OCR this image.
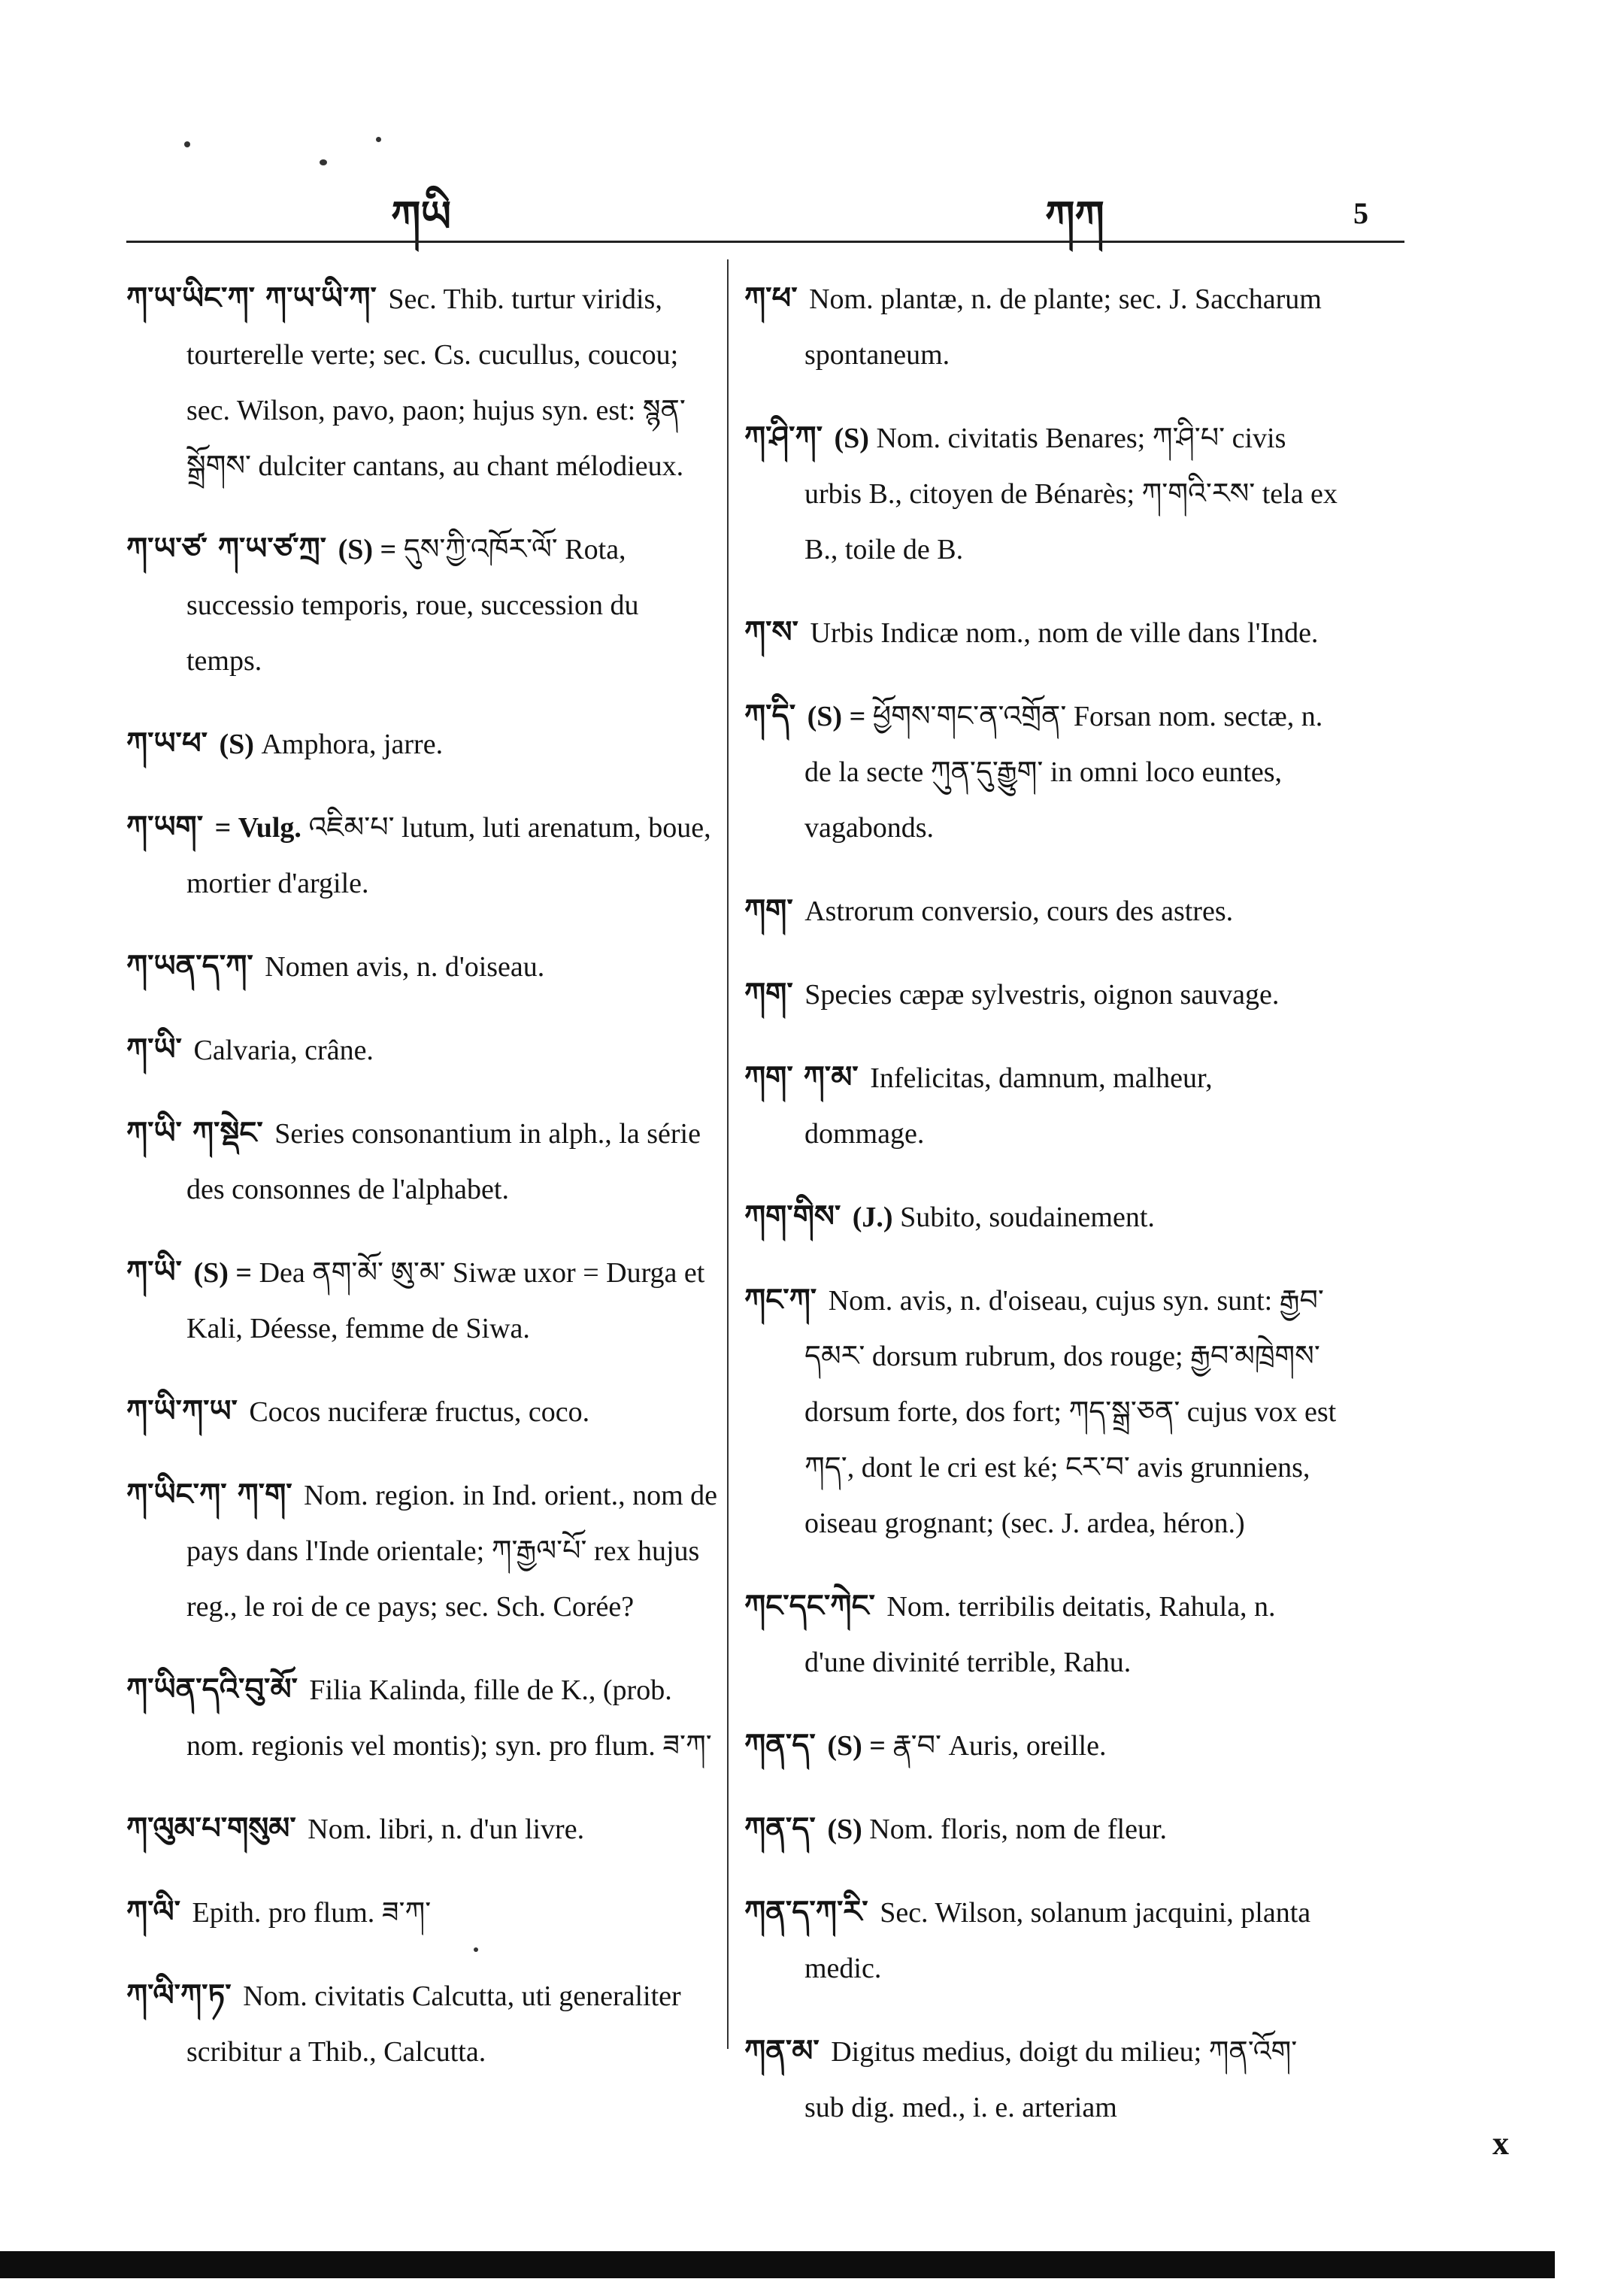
ཀཡི	ཀཀ	5

ཀ་ཡ་ཡིང་ཀ་ ཀ་ཡ་ཡི་ཀ་ Sec. Thib. turtur viridis, tourterelle verte; sec. Cs. cucullus, coucou; sec. Wilson, pavo, paon; hujus syn. est: སྙན་སྒྲོགས་ dulciter cantans, au chant mélodieux.

ཀ་ཡ་ཙ་ ཀ་ཡ་ཙ་ཀྲ་ (S) = དུས་ཀྱི་འཁོར་ལོ་ Rota, successio temporis, roue, succession du temps.

ཀ་ཡ་ཕ་ (S) Amphora, jarre.

ཀ་ཡག་ = Vulg. འཇིམ་པ་ lutum, luti arenatum, boue, mortier d'argile.

ཀ་ཡན་ད་ཀ་ Nomen avis, n. d'oiseau.

ཀ་ཡི་ Calvaria, crâne.

ཀ་ཡི་ ཀ་སྡེང་ Series consonantium in alph., la série des consonnes de l'alphabet.

ཀ་ཡི་ (S) = Dea ནག་མོ་ ཨུ་མ་ Siwæ uxor = Durga et Kali, Déesse, femme de Siwa.

ཀ་ཡི་ཀ་ཡ་ Cocos nuciferæ fructus, coco.

ཀ་ཡིང་ཀ་ ཀ་ག་ Nom. region. in Ind. orient., nom de pays dans l'Inde orientale; ཀ་རྒྱལ་པོ་ rex hujus reg., le roi de ce pays; sec. Sch. Corée?

ཀ་ཡིན་དའི་བུ་མོ་ Filia Kalinda, fille de K., (prob. nom. regionis vel montis); syn. pro flum. ཟ་ཀ་

ཀ་ལུམ་པ་གསུམ་ Nom. libri, n. d'un livre.

ཀ་ལི་ Epith. pro flum. ཟ་ཀ་

ཀ་ལི་ཀ་ཏ་ Nom. civitatis Calcutta, uti generaliter scribitur a Thib., Calcutta.

ཀ་ཕ་ Nom. plantæ, n. de plante; sec. J. Saccharum spontaneum.

ཀ་ཤི་ཀ་ (S) Nom. civitatis Benares; ཀ་ཤི་པ་ civis urbis B., citoyen de Bénarès; ཀ་གའི་རས་ tela ex B., toile de B.

ཀ་ས་ Urbis Indicæ nom., nom de ville dans l'Inde.

ཀ་དི་ (S) = ཕྱོགས་གང་ན་འགྲོན་ Forsan nom. sectæ, n. de la secte ཀུན་དུ་རྒྱུག་ in omni loco euntes, vagabonds.

ཀག་ Astrorum conversio, cours des astres.

ཀག་ Species cæpæ sylvestris, oignon sauvage.

ཀག་ ཀ་མ་ Infelicitas, damnum, malheur, dommage.

ཀག་གིས་ (J.) Subito, soudainement.

ཀང་ཀ་ Nom. avis, n. d'oiseau, cujus syn. sunt: རྒྱབ་དམར་ dorsum rubrum, dos rouge; རྒྱབ་མཁྲེགས་ dorsum forte, dos fort; ཀད་སྒྲ་ཅན་ cujus vox est ཀད་, dont le cri est ké; ངར་བ་ avis grunniens, oiseau grognant; (sec. J. ardea, héron.)

ཀང་དང་ཀེང་ Nom. terribilis deitatis, Rahula, n. d'une divinité terrible, Rahu.

ཀན་ད་ (S) = རྣ་བ་ Auris, oreille.

ཀན་ད་ (S) Nom. floris, nom de fleur.

ཀན་ད་ཀ་རི་ Sec. Wilson, solanum jacquini, planta medic.

ཀན་མ་ Digitus medius, doigt du milieu; ཀན་འོག་ sub dig. med., i. e. arteriam

x
